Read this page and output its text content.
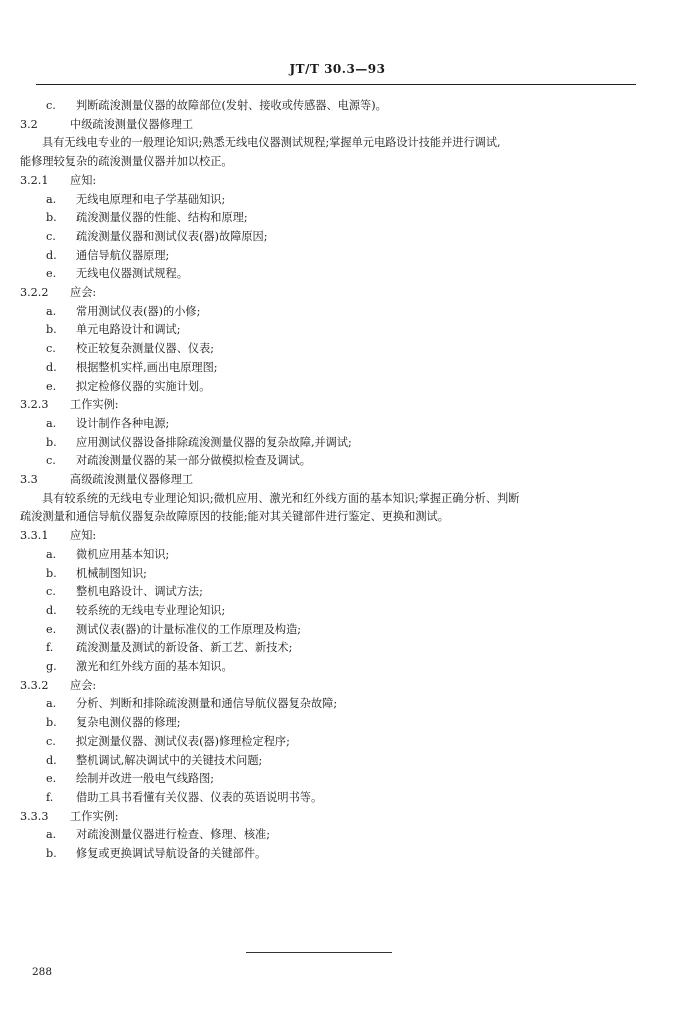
JT/T 30.3—93
c. 判断疏浚测量仪器的故障部位(发射、接收或传感器、电源等)。
3.2	中级疏浚测量仪器修理工
具有无线电专业的一般理论知识;熟悉无线电仪器测试规程;掌握单元电路设计技能并进行调试,
能修理较复杂的疏浚测量仪器并加以校正。
3.2.1 应知:
a. 无线电原理和电子学基础知识;
b. 疏浚测量仪器的性能、结构和原理;
c. 疏浚测量仪器和测试仪表(器)故障原因;
d. 通信导航仪器原理;
e. 无线电仪器测试规程。
3.2.2 应会:
a. 常用测试仪表(器)的小修;
b. 单元电路设计和调试;
c. 校正较复杂测量仪器、仪表;
d. 根据整机实样,画出电原理图;
e. 拟定检修仪器的实施计划。
3.2.3 工作实例:
a. 设计制作各种电源;
b. 应用测试仪器设备排除疏浚测量仪器的复杂故障,并调试;
c. 对疏浚测量仪器的某一部分做模拟检查及调试。
3.3	高级疏浚测量仪器修理工
具有较系统的无线电专业理论知识;微机应用、激光和红外线方面的基本知识;掌握正确分析、判断
疏浚测量和通信导航仪器复杂故障原因的技能;能对其关键部件进行鉴定、更换和测试。
3.3.1 应知:
a. 微机应用基本知识;
b. 机械制图知识;
c. 整机电路设计、调试方法;
d. 较系统的无线电专业理论知识;
e. 测试仪表(器)的计量标准仪的工作原理及构造;
f. 疏浚测量及测试的新设备、新工艺、新技术;
g. 激光和红外线方面的基本知识。
3.3.2 应会:
a. 分析、判断和排除疏浚测量和通信导航仪器复杂故障;
b. 复杂电测仪器的修理;
c. 拟定测量仪器、测试仪表(器)修理检定程序;
d. 整机调试,解决调试中的关键技术问题;
e. 绘制并改进一般电气线路图;
f. 借助工具书看懂有关仪器、仪表的英语说明书等。
3.3.3 工作实例:
a. 对疏浚测量仪器进行检查、修理、核准;
b. 修复或更换调试导航设备的关键部件。
288
